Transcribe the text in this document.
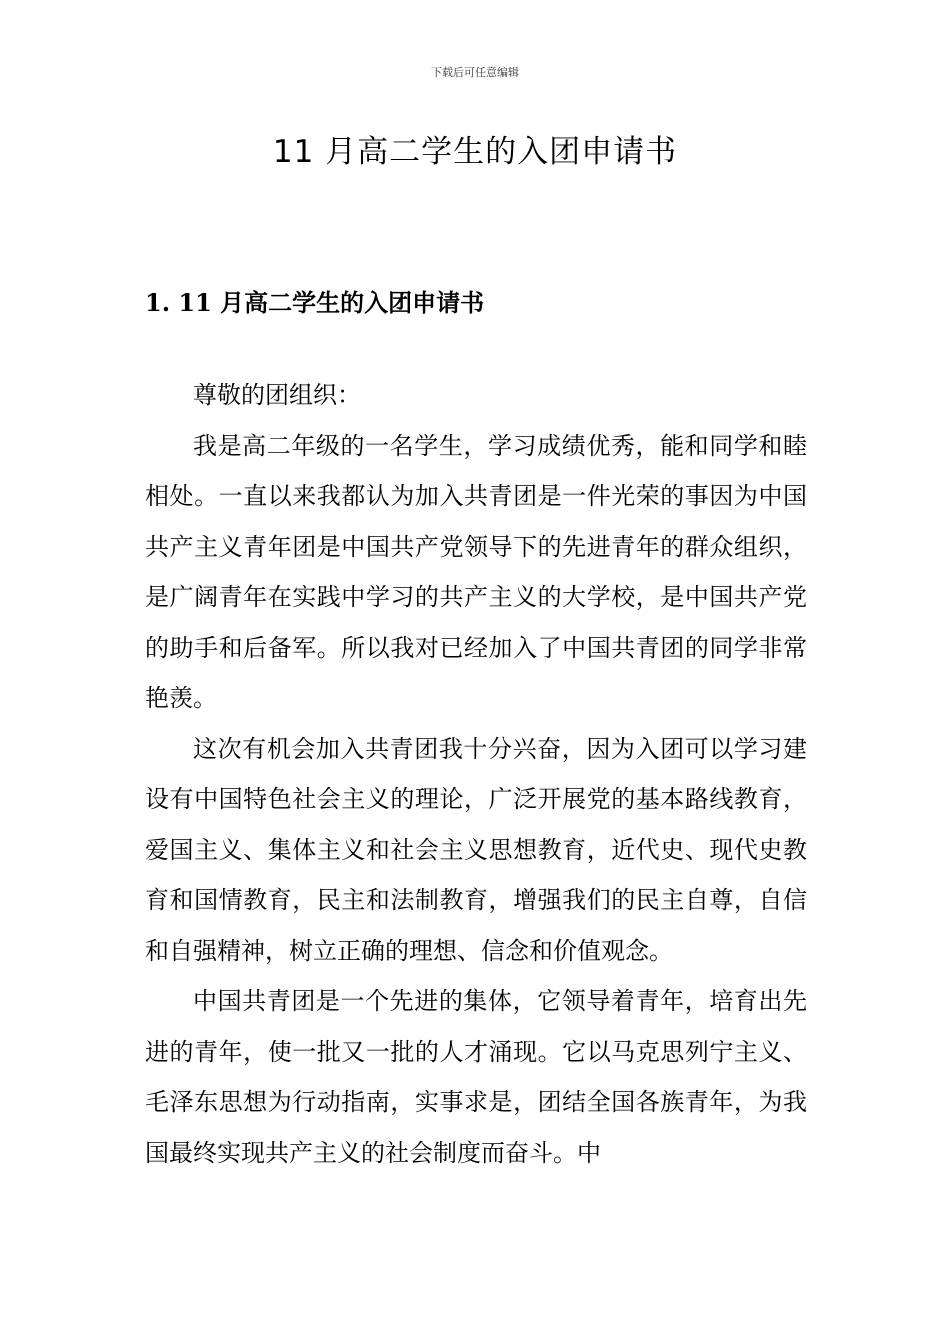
下载后可任意编辑
11 月高二学生的入团申请书
1. 11 月高二学生的入团申请书

尊敬的团组织：

我是高二年级的一名学生，学习成绩优秀，能和同学和睦相处。一直以来我都认为加入共青团是一件光荣的事因为中国共产主义青年团是中国共产党领导下的先进青年的群众组织，是广阔青年在实践中学习的共产主义的大学校，是中国共产党的助手和后备军。所以我对已经加入了中国共青团的同学非常艳羡。

这次有机会加入共青团我十分兴奋，因为入团可以学习建设有中国特色社会主义的理论，广泛开展党的基本路线教育，爱国主义、集体主义和社会主义思想教育，近代史、现代史教育和国情教育，民主和法制教育，增强我们的民主自尊，自信和自强精神，树立正确的理想、信念和价值观念。

中国共青团是一个先进的集体，它领导着青年，培育出先进的青年，使一批又一批的人才涌现。它以马克思列宁主义、毛泽东思想为行动指南，实事求是，团结全国各族青年，为我国最终实现共产主义的社会制度而奋斗。中
